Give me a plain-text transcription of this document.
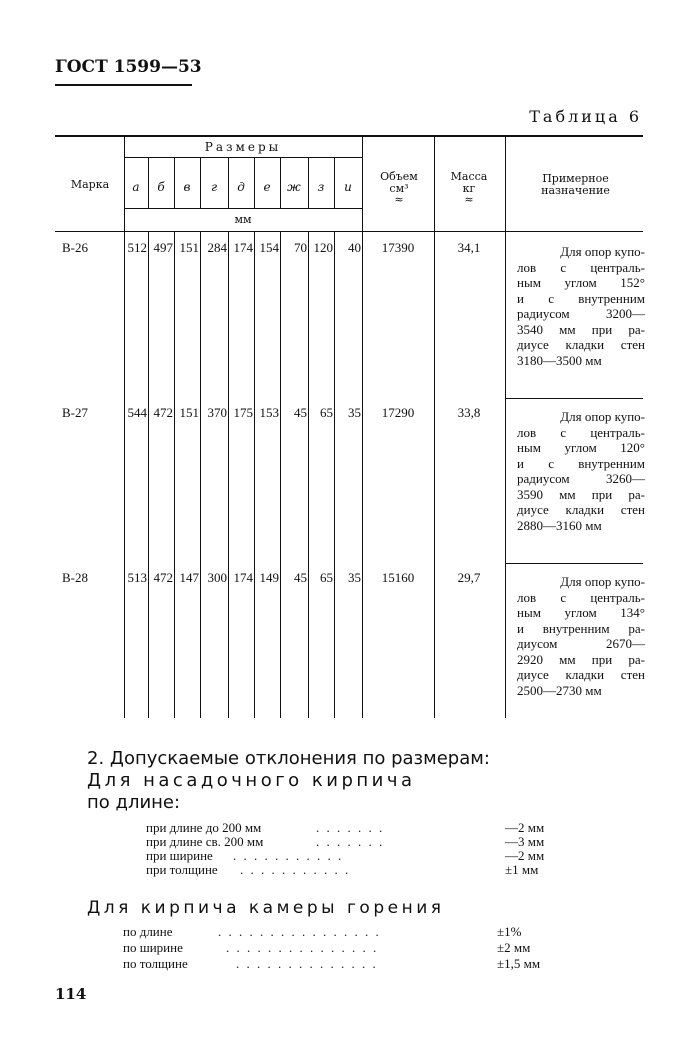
ГОСТ 1599—53
Таблица 6
Марка
Размеры
а	б	в	г	д	е	ж	з	и
мм
Объем
см³
≈
Масса
кг
≈
Примерное
назначение
В-26	512 497 151 284 174 154	70 120	40	17390	34,1	Для опор купо-
лов с централь-
ным углом 152°
и с внутренним
радиусом 3200—
3540 мм при ра-
диусе кладки стен
3180—3500 мм
В-27	544 472 151 370 175 153	45	65	35	17290	33,8	Для опор купо-
лов с централь-
ным углом 120°
и с внутренним
радиусом 3260—
3590 мм при ра-
диусе кладки стен
2880—3160 мм
В-28	513 472 147 300 174 149	45	65	35	15160	29,7	Для опор купо-
лов с централь-
ным углом 134°
и внутренним ра-
диусом 2670—
2920 мм при ра-
диусе кладки стен
2500—2730 мм
2. Допускаемые отклонения по размерам:
Для насадочного кирпича
по длине:
при длине до 200 мм	. . . . . . .	—2 мм
при длине св. 200 мм	. . . . . . .	—3 мм
при ширине . . . . . . . . . . .	—2 мм
при толщине . . . . . . . . . . .	±1 мм
Для кирпича камеры горения
по длине	. . . . . . . . . . . . . . . .	±1%
по ширине	. . . . . . . . . . . . . . .	±2 мм
по толщине	. . . . . . . . . . . . . .	±1,5 мм
114
